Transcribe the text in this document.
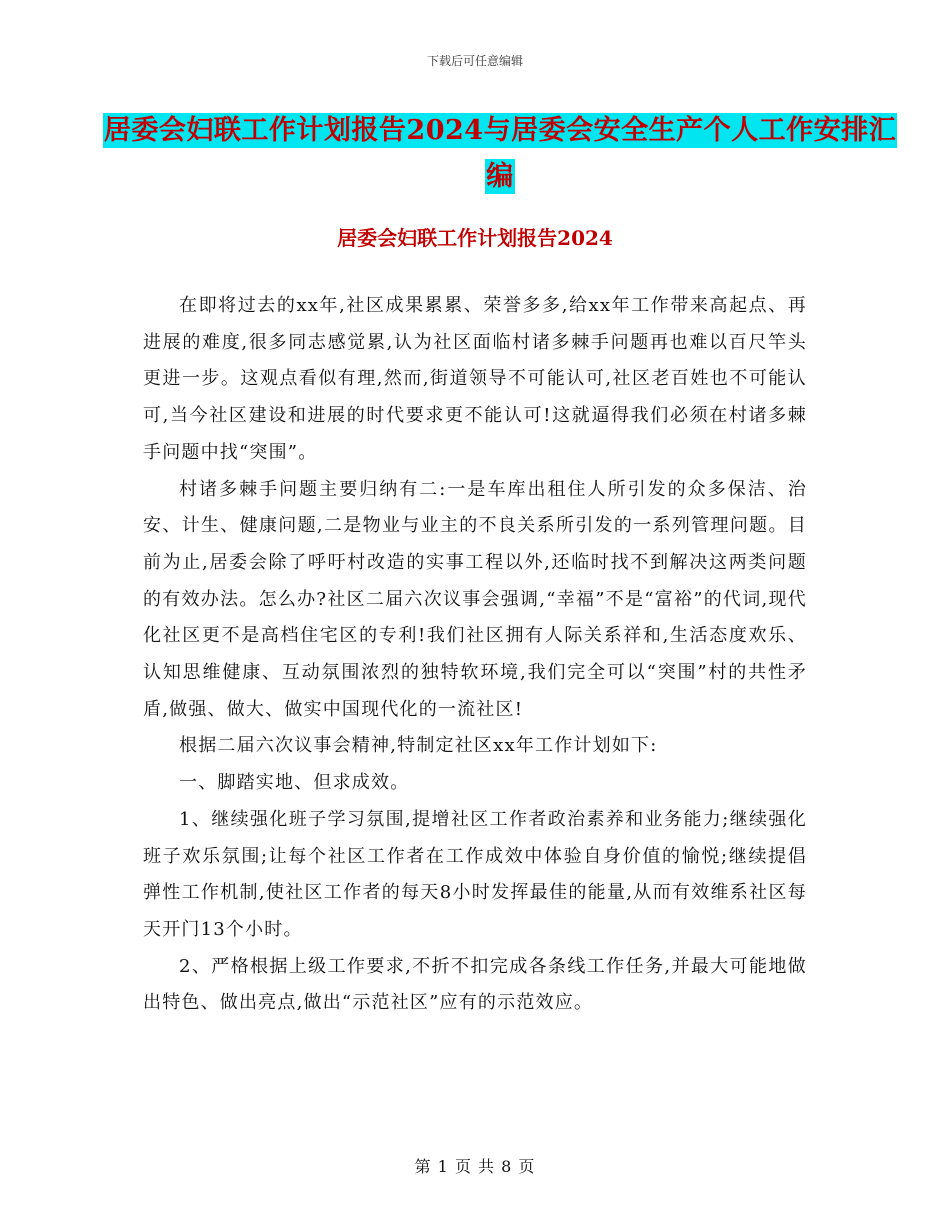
下载后可任意编辑
居委会妇联工作计划报告2024与居委会安全生产个人工作安排汇编
居委会妇联工作计划报告2024

在即将过去的xx年,社区成果累累、荣誉多多,给xx年工作带来高起点、再进展的难度,很多同志感觉累,认为社区面临村诸多棘手问题再也难以百尺竿头更进一步。这观点看似有理,然而,街道领导不可能认可,社区老百姓也不可能认可,当今社区建设和进展的时代要求更不能认可!这就逼得我们必须在村诸多棘手问题中找“突围”。

村诸多棘手问题主要归纳有二:一是车库出租住人所引发的众多保洁、治安、计生、健康问题,二是物业与业主的不良关系所引发的一系列管理问题。目前为止,居委会除了呼吁村改造的实事工程以外,还临时找不到解决这两类问题的有效办法。怎么办?社区二届六次议事会强调,“幸福”不是“富裕”的代词,现代化社区更不是高档住宅区的专利!我们社区拥有人际关系祥和,生活态度欢乐、认知思维健康、互动氛围浓烈的独特软环境,我们完全可以“突围”村的共性矛盾,做强、做大、做实中国现代化的一流社区!

根据二届六次议事会精神,特制定社区xx年工作计划如下:

一、脚踏实地、但求成效。

1、继续强化班子学习氛围,提增社区工作者政治素养和业务能力;继续强化班子欢乐氛围;让每个社区工作者在工作成效中体验自身价值的愉悦;继续提倡弹性工作机制,使社区工作者的每天8小时发挥最佳的能量,从而有效维系社区每天开门13个小时。

2、严格根据上级工作要求,不折不扣完成各条线工作任务,并最大可能地做出特色、做出亮点,做出“示范社区”应有的示范效应。

第 1 页 共 8 页
